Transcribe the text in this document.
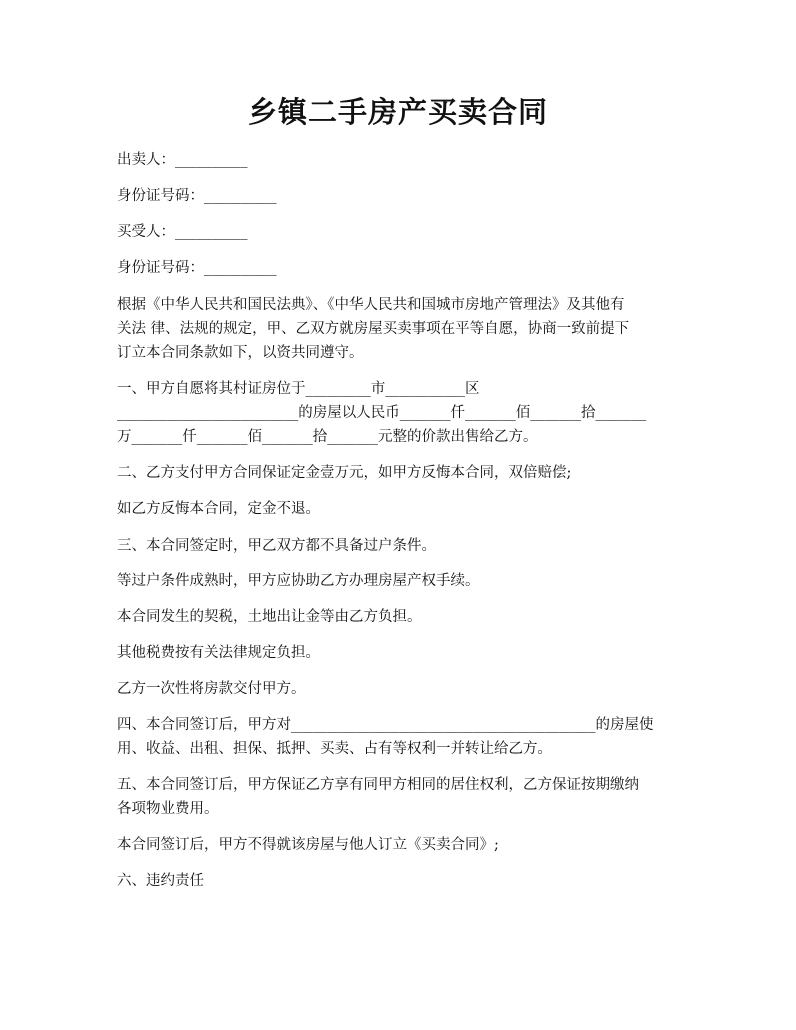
乡镇二手房产买卖合同
出卖人：__________
身份证号码：__________
买受人：__________
身份证号码：__________
根据《中华人民共和国民法典》、《中华人民共和国城市房地产管理法》及其他有
关法 律、法规的规定，甲、乙双方就房屋买卖事项在平等自愿，协商一致前提下
订立本合同条款如下，以资共同遵守。
一、甲方自愿将其村证房位于_________市___________区
_________________________的房屋以人民币_______仟_______佰_______拾_______
万_______仟_______佰_______拾_______元整的价款出售给乙方。
二、乙方支付甲方合同保证定金壹万元，如甲方反悔本合同，双倍赔偿;
如乙方反悔本合同，定金不退。
三、本合同签定时，甲乙双方都不具备过户条件。
等过户条件成熟时，甲方应协助乙方办理房屋产权手续。
本合同发生的契税，土地出让金等由乙方负担。
其他税费按有关法律规定负担。
乙方一次性将房款交付甲方。
四、本合同签订后，甲方对__________________________________________的房屋使
用、收益、出租、担保、抵押、买卖、占有等权利一并转让给乙方。
五、本合同签订后，甲方保证乙方享有同甲方相同的居住权利，乙方保证按期缴纳
各项物业费用。
本合同签订后，甲方不得就该房屋与他人订立《买卖合同》;
六、违约责任
